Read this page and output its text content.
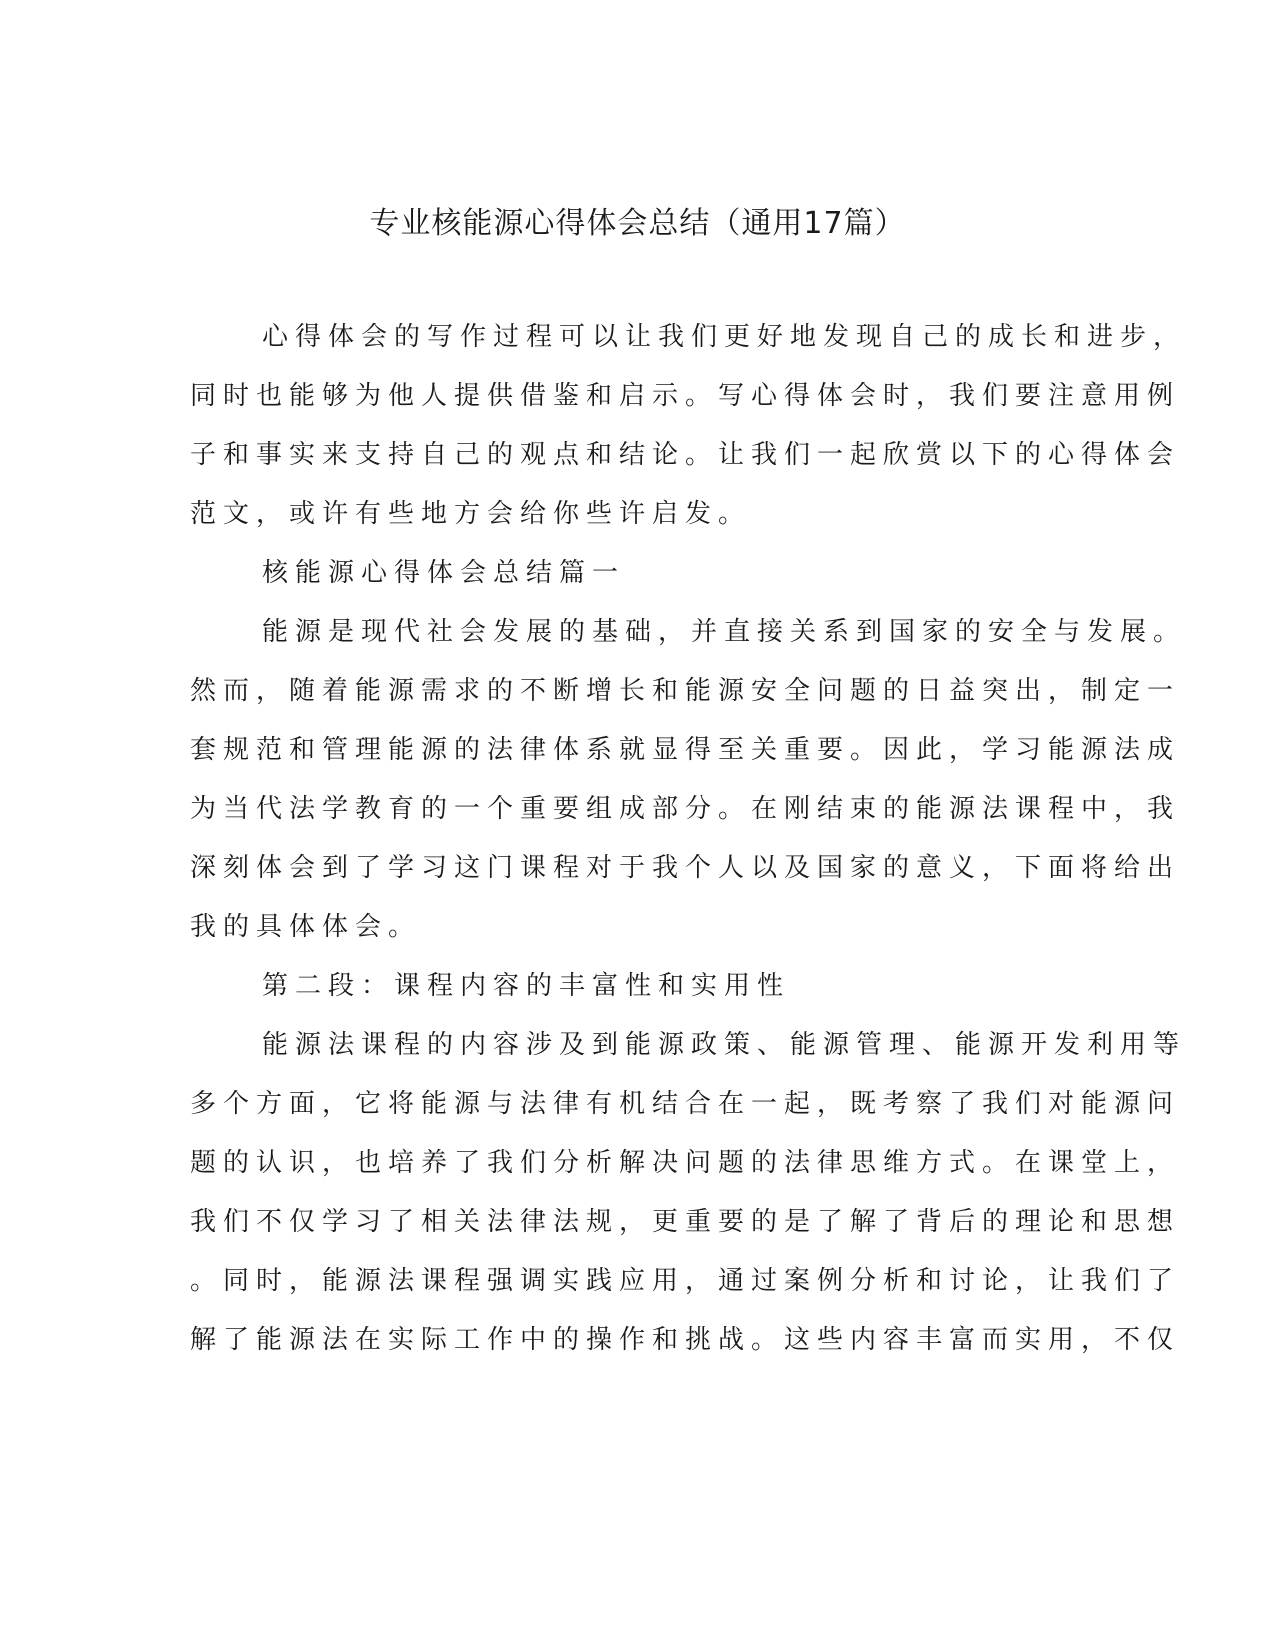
专业核能源心得体会总结（通用17篇）
心得体会的写作过程可以让我们更好地发现自己的成长和进步，
同时也能够为他人提供借鉴和启示。写心得体会时，我们要注意用例
子和事实来支持自己的观点和结论。让我们一起欣赏以下的心得体会
范文，或许有些地方会给你些许启发。
核能源心得体会总结篇一
能源是现代社会发展的基础，并直接关系到国家的安全与发展。
然而，随着能源需求的不断增长和能源安全问题的日益突出，制定一
套规范和管理能源的法律体系就显得至关重要。因此，学习能源法成
为当代法学教育的一个重要组成部分。在刚结束的能源法课程中，我
深刻体会到了学习这门课程对于我个人以及国家的意义，下面将给出
我的具体体会。
第二段：课程内容的丰富性和实用性
能源法课程的内容涉及到能源政策、能源管理、能源开发利用等
多个方面，它将能源与法律有机结合在一起，既考察了我们对能源问
题的认识，也培养了我们分析解决问题的法律思维方式。在课堂上，
我们不仅学习了相关法律法规，更重要的是了解了背后的理论和思想
。同时，能源法课程强调实践应用，通过案例分析和讨论，让我们了
解了能源法在实际工作中的操作和挑战。这些内容丰富而实用，不仅
